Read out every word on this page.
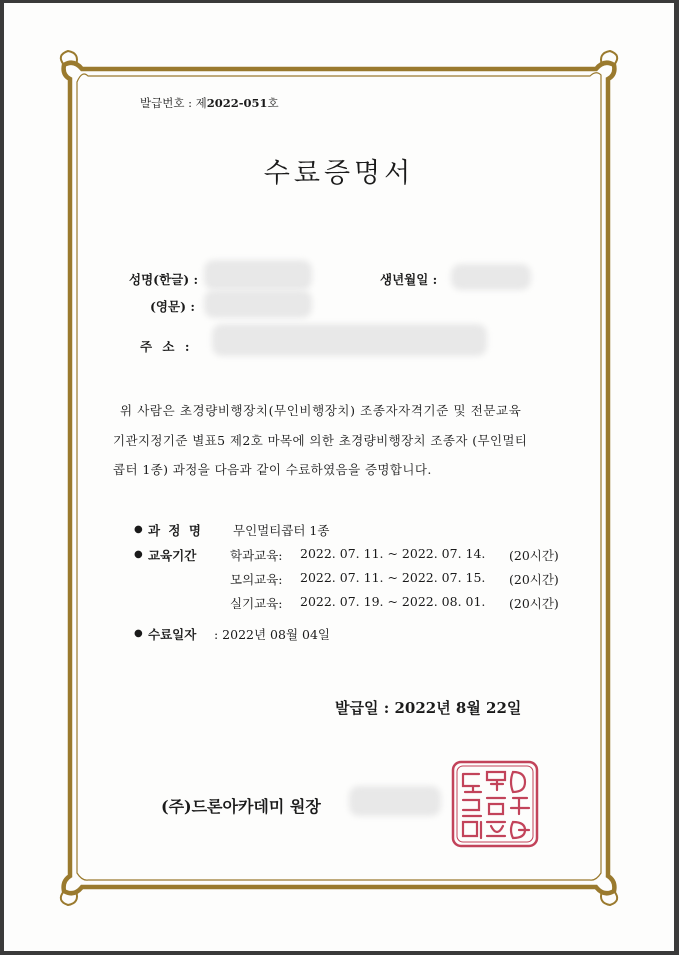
발급번호 : 제2022-051호
수료증명서
성명(한글) :	생년월일 :
(영문) :
주 소 :
위 사람은 초경량비행장치(무인비행장치) 조종자자격기준 및 전문교육
기관지정기준 별표5 제2호 마목에 의한 초경량비행장치 조종자 (무인멀티
콥터 1종) 과정을 다음과 같이 수료하였음을 증명합니다.
● 과 정 명 무인멀티콥터 1종
● 교육기간	학과교육: 2022. 07. 11. ~ 2022. 07. 14. (20시간)
모의교육: 2022. 07. 11. ~ 2022. 07. 15. (20시간)
실기교육: 2022. 07. 19. ~ 2022. 08. 01. (20시간)
● 수료일자 : 2022년 08월 04일
발급일 : 2022년 8월 22일
(주)드론아카데미 원장
